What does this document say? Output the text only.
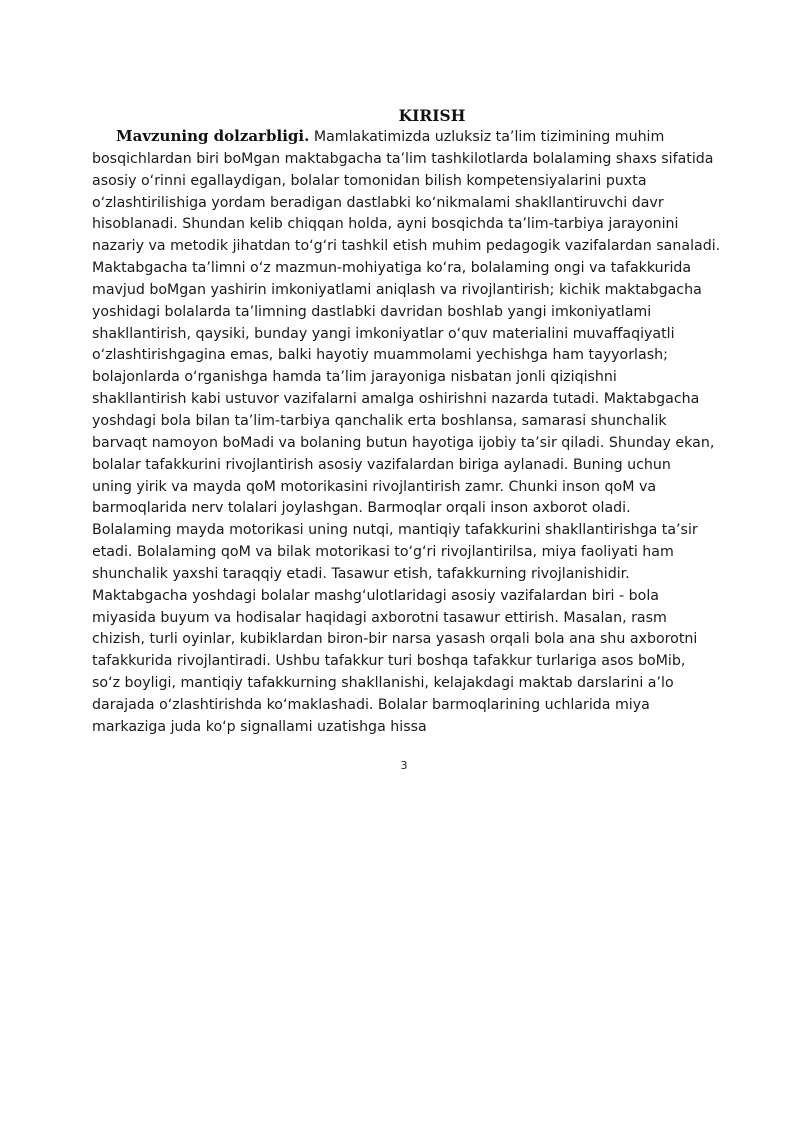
KIRISH
Mavzuning dolzarbligi. Mamlakatimizda uzluksiz ta’lim tizimining muhim
bosqichlardan biri boMgan maktabgacha ta’lim tashkilotlarda bolalaming shaxs sifatida
asosiy o‘rinni egallaydigan, bolalar tomonidan bilish kompetensiyalarini puxta
o‘zlashtirilishiga yordam beradigan dastlabki ko‘nikmalami shakllantiruvchi davr
hisoblanadi. Shundan kelib chiqqan holda, ayni bosqichda ta’lim-tarbiya jarayonini
nazariy va metodik jihatdan to‘g‘ri tashkil etish muhim pedagogik vazifalardan sanaladi.
Maktabgacha ta’limni o‘z mazmun-mohiyatiga ko‘ra, bolalaming ongi va tafakkurida
mavjud boMgan yashirin imkoniyatlami aniqlash va rivojlantirish; kichik maktabgacha
yoshidagi bolalarda ta’limning dastlabki davridan boshlab yangi imkoniyatlami
shakllantirish, qaysiki, bunday yangi imkoniyatlar o‘quv materialini muvaffaqiyatli
o‘zlashtirishgagina emas, balki hayotiy muammolami yechishga ham tayyorlash;
bolajonlarda o‘rganishga hamda ta’lim jarayoniga nisbatan jonli qiziqishni
shakllantirish kabi ustuvor vazifalarni amalga oshirishni nazarda tutadi. Maktabgacha
yoshdagi bola bilan ta’lim-tarbiya qanchalik erta boshlansa, samarasi shunchalik
barvaqt namoyon boMadi va bolaning butun hayotiga ijobiy ta’sir qiladi. Shunday ekan,
bolalar tafakkurini rivojlantirish asosiy vazifalardan biriga aylanadi. Buning uchun
uning yirik va mayda qoM motorikasini rivojlantirish zamr. Chunki inson qoM va
barmoqlarida nerv tolalari joylashgan. Barmoqlar orqali inson axborot oladi.
Bolalaming mayda motorikasi uning nutqi, mantiqiy tafakkurini shakllantirishga ta’sir
etadi. Bolalaming qoM va bilak motorikasi to‘g‘ri rivojlantirilsa, miya faoliyati ham
shunchalik yaxshi taraqqiy etadi. Tasawur etish, tafakkurning rivojlanishidir.
Maktabgacha yoshdagi bolalar mashg‘ulotlaridagi asosiy vazifalardan biri - bola
miyasida buyum va hodisalar haqidagi axborotni tasawur ettirish. Masalan, rasm
chizish, turli oyinlar, kubiklardan biron-bir narsa yasash orqali bola ana shu axborotni
tafakkurida rivojlantiradi. Ushbu tafakkur turi boshqa tafakkur turlariga asos boMib,
so‘z boyligi, mantiqiy tafakkurning shakllanishi, kelajakdagi maktab darslarini a’lo
darajada o‘zlashtirishda ko‘maklashadi. Bolalar barmoqlarining uchlarida miya
markaziga juda ko‘p signallami uzatishga hissa
3
